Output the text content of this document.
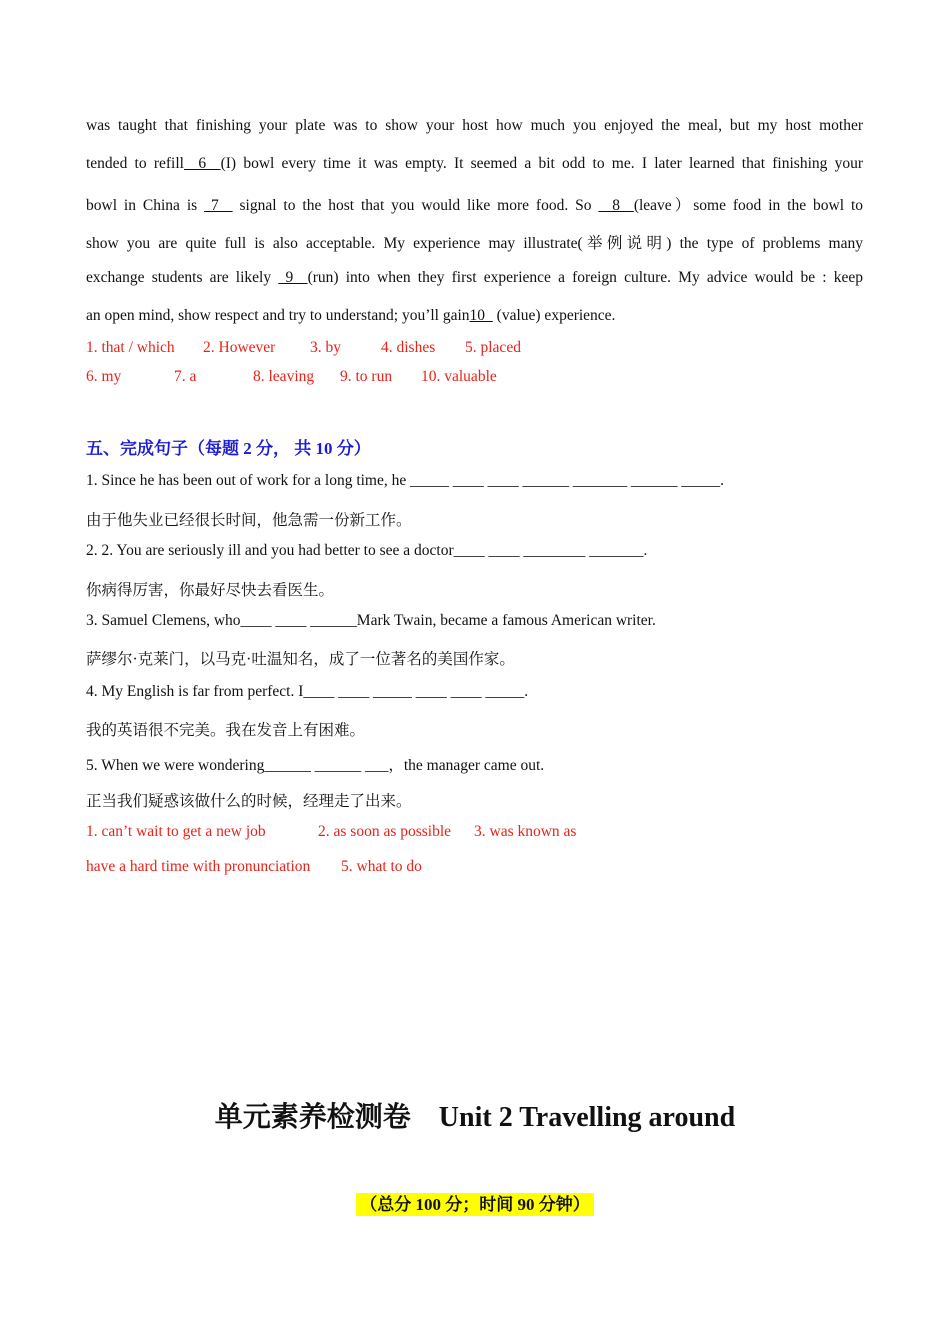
was taught that finishing your plate was to show your host how much you enjoyed the meal, but my host mother
tended to refill  6  (I) bowl every time it was empty. It seemed a bit odd to me. I later learned that finishing your
bowl in China is  7   signal to the host that you would like more food. So   8  (leave）some food in the bowl to
show you are quite full is also acceptable. My experience may illustrate(举例说明) the type of problems many
exchange students are likely  9  (run) into when they first experience a foreign culture. My advice would be : keep
an open mind, show respect and try to understand; you’ll gain10   (value) experience.
1. that / which 2. However 3. by	4. dishes 5. placed
6. my	7. a	8. leaving 9. to run 10. valuable
五、完成句子（每题 2 分， 共 10 分）
1. Since he has been out of work for a long time, he _____ ____ ____ ______ _______ ______ _____.
由于他失业已经很长时间，他急需一份新工作。
2. 2. You are seriously ill and you had better to see a doctor____ ____ ________ _______.
你病得厉害，你最好尽快去看医生。
3. Samuel Clemens, who____ ____ ______Mark Twain, became a famous American writer.
萨缪尔·克莱门，以马克·吐温知名，成了一位著名的美国作家。
4. My English is far from perfect. I____ ____ _____ ____ ____ _____.
我的英语很不完美。我在发音上有困难。
5. When we were wondering______ ______ ___，the manager came out.
正当我们疑惑该做什么的时候，经理走了出来。
1. can’t wait to get a new job	2. as soon as possible 3. was known as
have a hard time with pronunciation 5. what to do
单元素养检测卷 Unit 2 Travelling around
（总分 100 分；时间 90 分钟）
